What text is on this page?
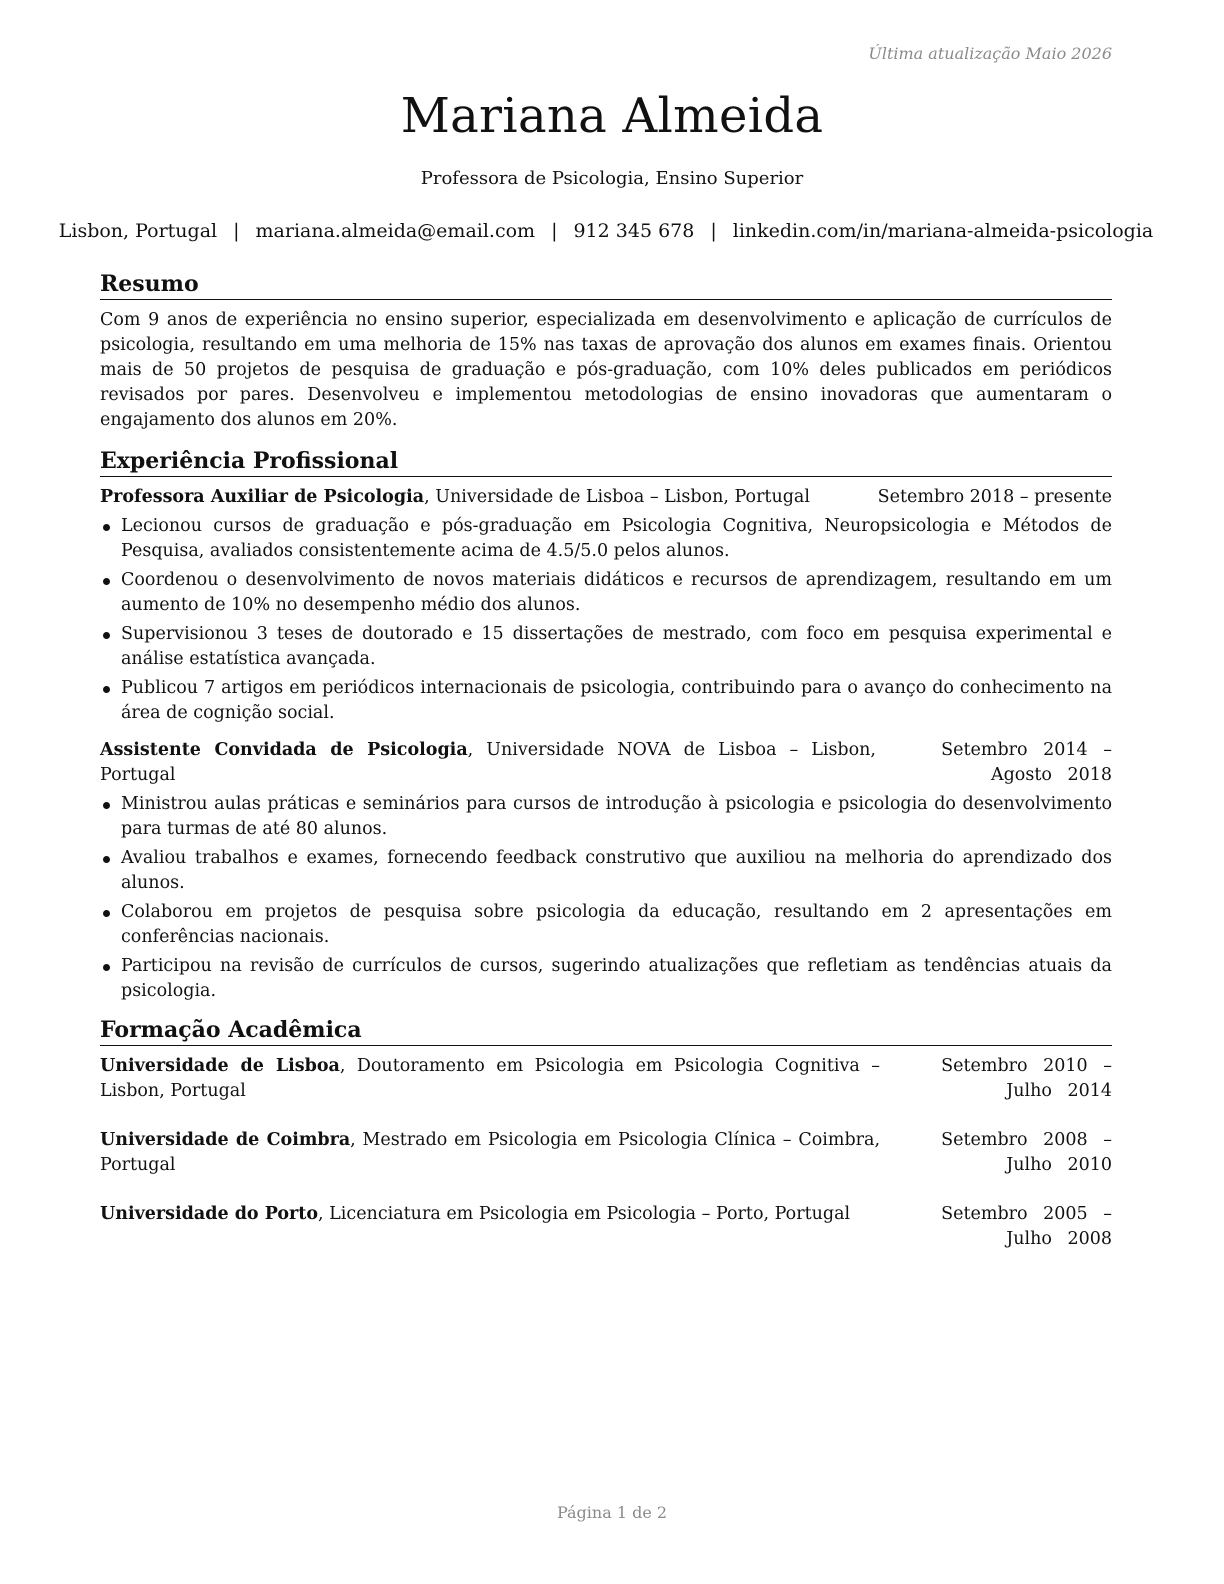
Última atualização Maio 2026
Mariana Almeida
Professora de Psicologia, Ensino Superior
Lisbon, Portugal | mariana.almeida@email.com | 912 345 678 | linkedin.com/in/mariana-almeida-psicologia
Resumo
Com 9 anos de experiência no ensino superior, especializada em desenvolvimento e aplicação de currículos de psicologia, resultando em uma melhoria de 15% nas taxas de aprovação dos alunos em exames finais. Orientou mais de 50 projetos de pesquisa de graduação e pós-graduação, com 10% deles publicados em periódicos revisados por pares. Desenvolveu e implementou metodologias de ensino inovadoras que aumentaram o engajamento dos alunos em 20%.
Experiência Profissional
Professora Auxiliar de Psicologia, Universidade de Lisboa – Lisbon, Portugal	Setembro 2018 – presente
Lecionou cursos de graduação e pós-graduação em Psicologia Cognitiva, Neuropsicologia e Métodos de Pesquisa, avaliados consistentemente acima de 4.5/5.0 pelos alunos.
Coordenou o desenvolvimento de novos materiais didáticos e recursos de aprendizagem, resultando em um aumento de 10% no desempenho médio dos alunos.
Supervisionou 3 teses de doutorado e 15 dissertações de mestrado, com foco em pesquisa experimental e análise estatística avançada.
Publicou 7 artigos em periódicos internacionais de psicologia, contribuindo para o avanço do conhecimento na área de cognição social.
Assistente Convidada de Psicologia, Universidade NOVA de Lisboa – Lisbon, Portugal
Setembro 2014 – Agosto 2018
Ministrou aulas práticas e seminários para cursos de introdução à psicologia e psicologia do desenvolvimento para turmas de até 80 alunos.
Avaliou trabalhos e exames, fornecendo feedback construtivo que auxiliou na melhoria do aprendizado dos alunos.
Colaborou em projetos de pesquisa sobre psicologia da educação, resultando em 2 apresentações em conferências nacionais.
Participou na revisão de currículos de cursos, sugerindo atualizações que refletiam as tendências atuais da psicologia.
Formação Acadêmica
Universidade de Lisboa, Doutoramento em Psicologia em Psicologia Cognitiva – Lisbon, Portugal
Setembro 2010 – Julho 2014
Universidade de Coimbra, Mestrado em Psicologia em Psicologia Clínica – Coimbra, Portugal
Setembro 2008 – Julho 2010
Universidade do Porto, Licenciatura em Psicologia em Psicologia – Porto, Portugal	Setembro 2005 – Julho 2008
Página 1 de 2
